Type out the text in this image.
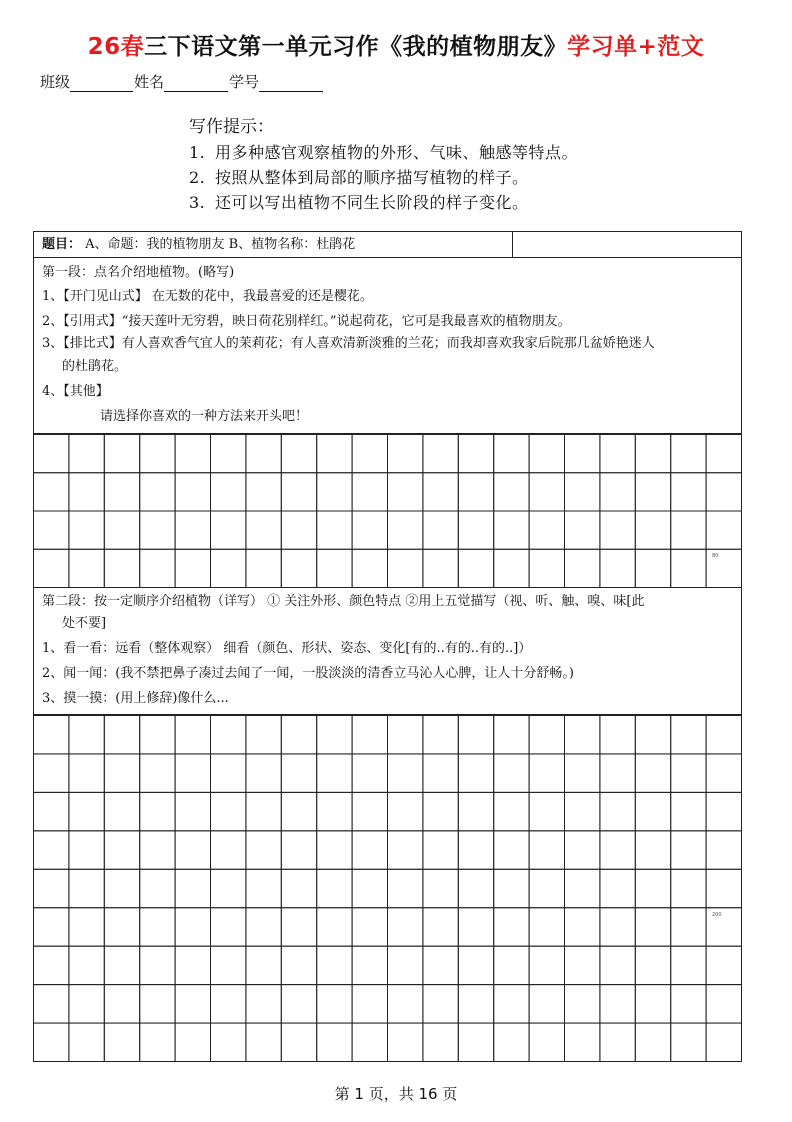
26春三下语文第一单元习作《我的植物朋友》学习单+范文
班级	姓名	学号
写作提示：
1. 用多种感官观察植物的外形、气味、触感等特点。
2. 按照从整体到局部的顺序描写植物的样子。
3. 还可以写出植物不同生长阶段的样子变化。
题目： A、命题：我的植物朋友 B、植物名称：杜鹃花
第一段：点名介绍地植物。(略写)
1、【开门见山式】 在无数的花中，我最喜爱的还是樱花。
2、【引用式】“接天莲叶无穷碧，映日荷花别样红。”说起荷花，它可是我最喜欢的植物朋友。
3、【排比式】有人喜欢香气宜人的茉莉花；有人喜欢清新淡雅的兰花；而我却喜欢我家后院那几盆娇艳迷人
的杜鹃花。
4、【其他】
请选择你喜欢的一种方法来开头吧！
80
第二段：按一定顺序介绍植物（详写） ① 关注外形、颜色特点 ②用上五觉描写（视、听、触、嗅、味[此
处不要]
1、看一看：远看（整体观察） 细看（颜色、形状、姿态、变化[有的..有的..有的..]）
2、闻一闻：(我不禁把鼻子凑过去闻了一闻，一股淡淡的清香立马沁人心脾，让人十分舒畅。)
3、摸一摸：(用上修辞)像什么...
200
第 1 页，共 16 页
